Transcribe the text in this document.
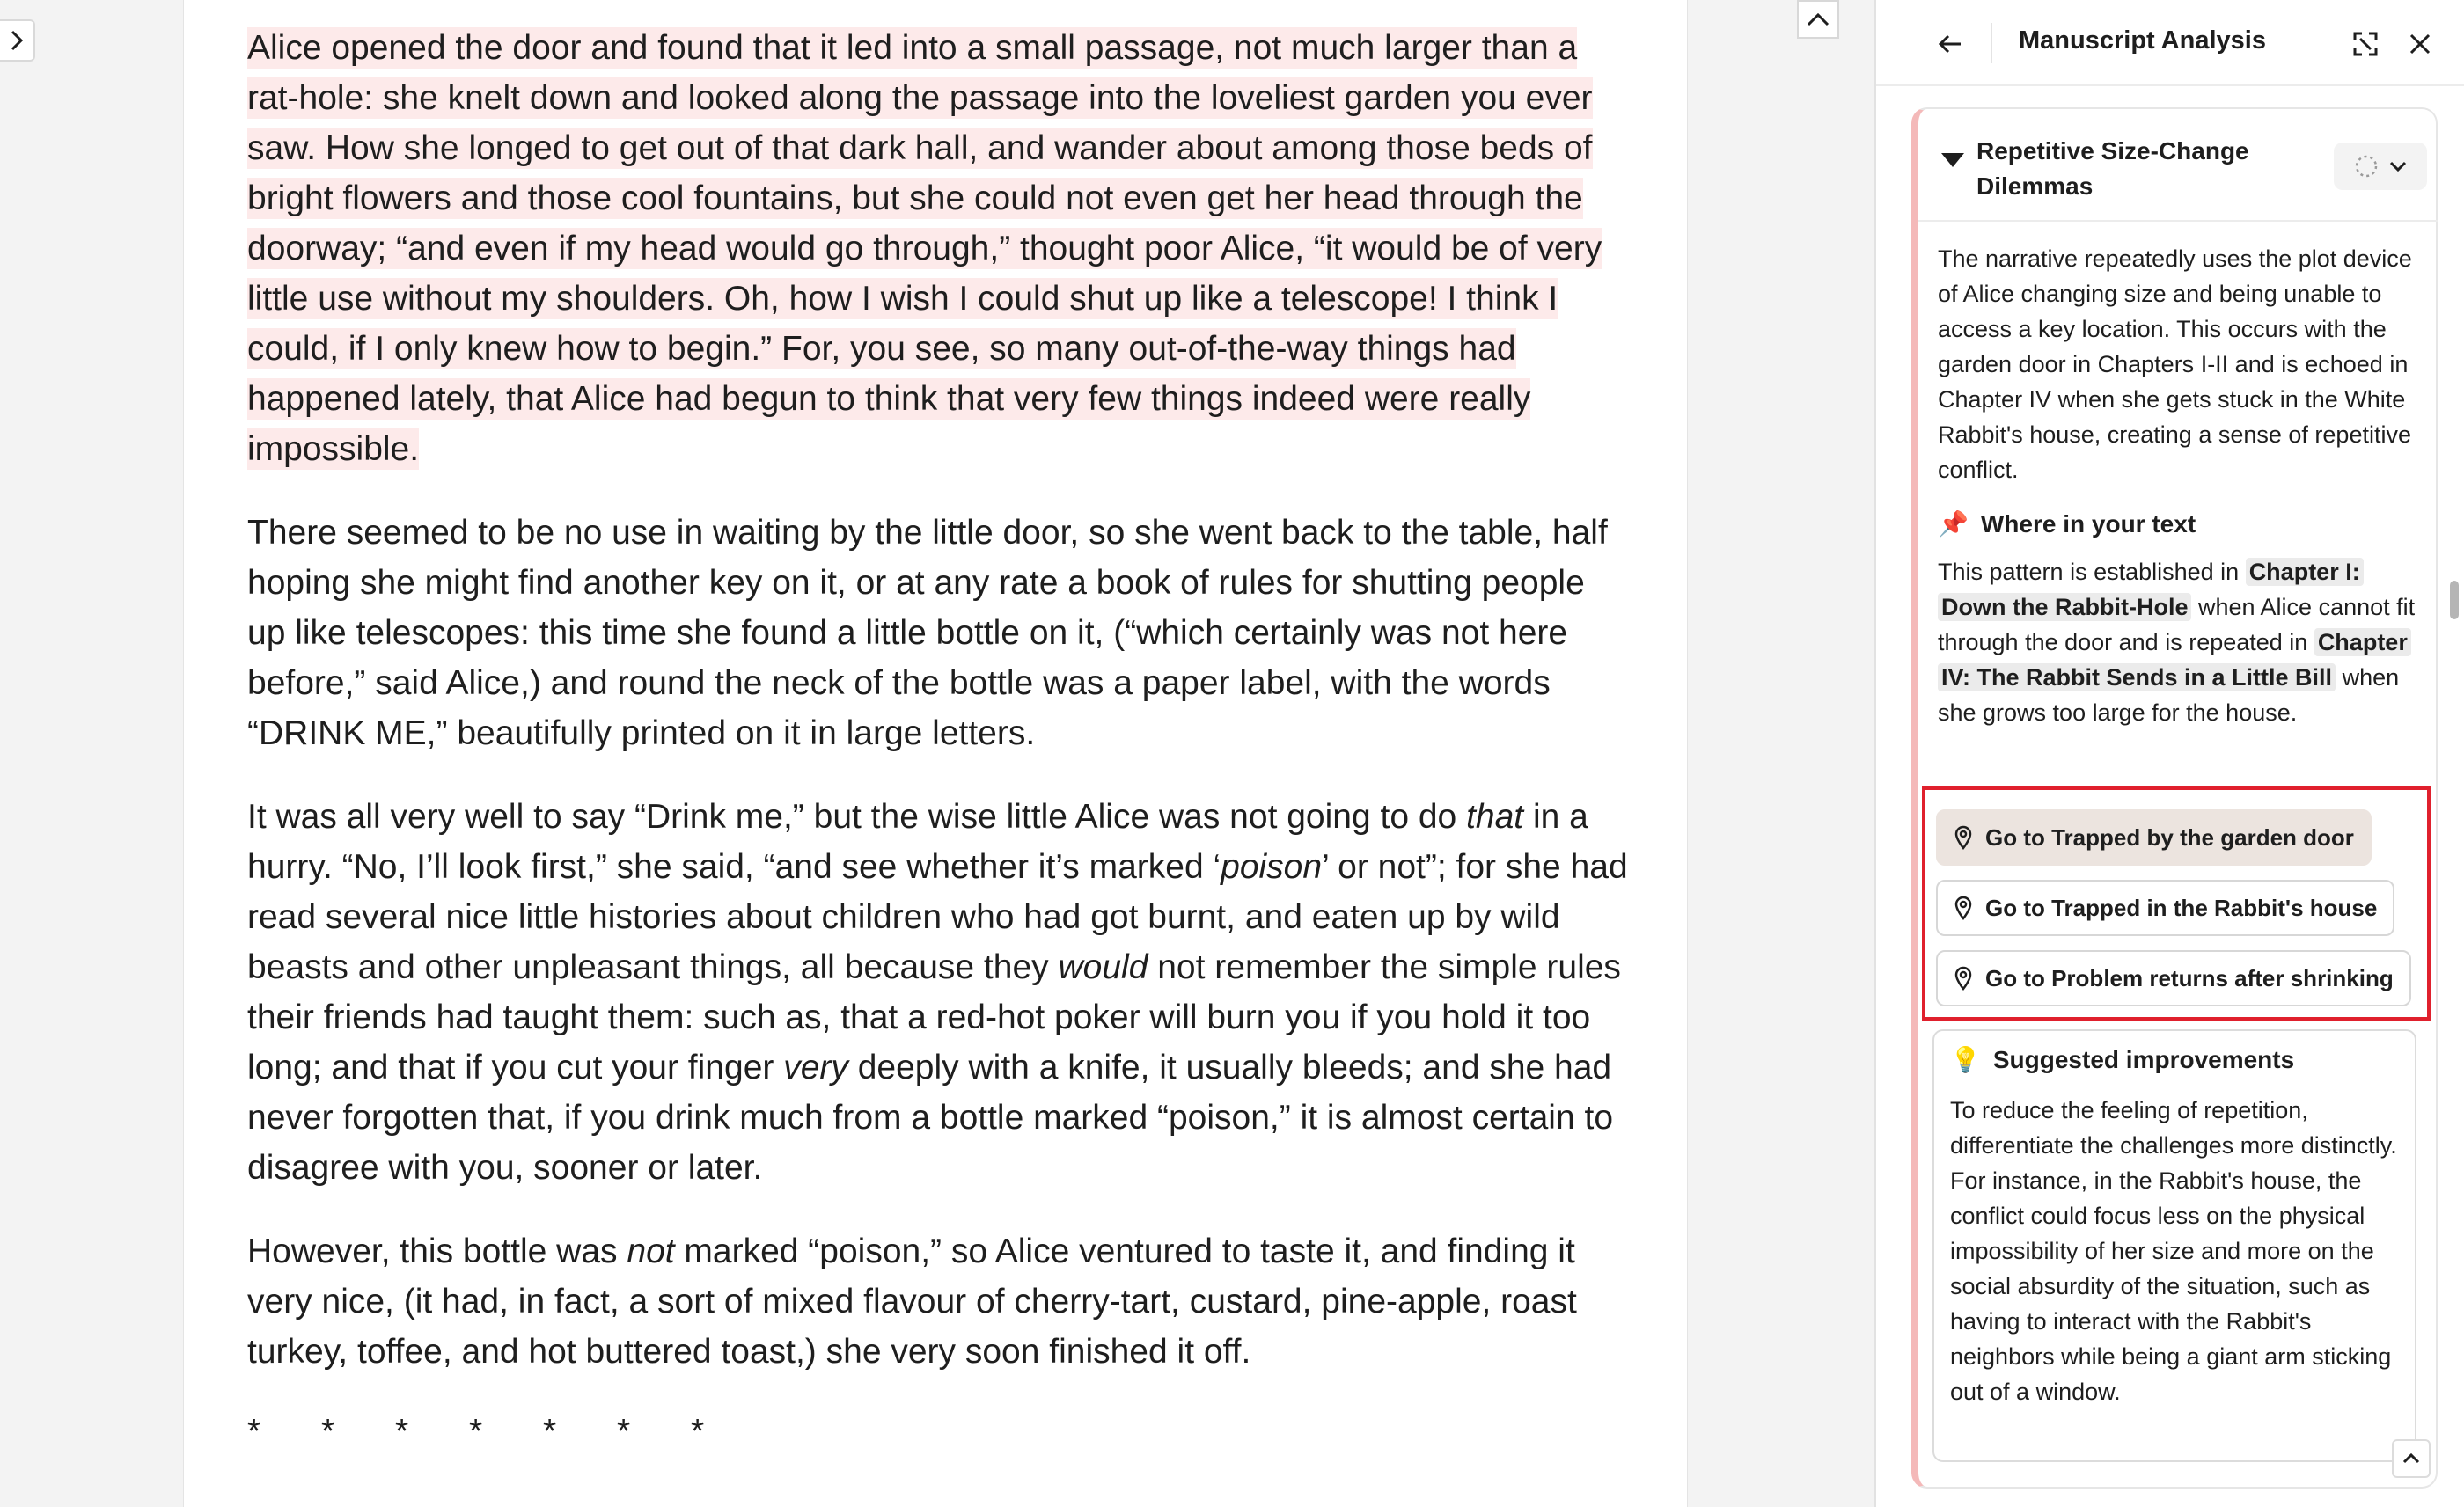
Alice opened the door and found that it led into a small passage, not much larger than a rat-hole: she knelt down and looked along the passage into the loveliest garden you ever saw. How she longed to get out of that dark hall, and wander about among those beds of bright flowers and those cool fountains, but she could not even get her head through the doorway; “and even if my head would go through,” thought poor Alice, “it would be of very little use without my shoulders. Oh, how I wish I could shut up like a telescope! I think I could, if I only knew how to begin.” For, you see, so many out-of-the-way things had happened lately, that Alice had begun to think that very few things indeed were really impossible.

There seemed to be no use in waiting by the little door, so she went back to the table, half hoping she might find another key on it, or at any rate a book of rules for shutting people up like telescopes: this time she found a little bottle on it, (“which certainly was not here before,” said Alice,) and round the neck of the bottle was a paper label, with the words “DRINK ME,” beautifully printed on it in large letters.

It was all very well to say “Drink me,” but the wise little Alice was not going to do that in a hurry. “No, I’ll look first,” she said, “and see whether it’s marked ‘poison’ or not”; for she had read several nice little histories about children who had got burnt, and eaten up by wild beasts and other unpleasant things, all because they would not remember the simple rules their friends had taught them: such as, that a red-hot poker will burn you if you hold it too long; and that if you cut your finger very deeply with a knife, it usually bleeds; and she had never forgotten that, if you drink much from a bottle marked “poison,” it is almost certain to disagree with you, sooner or later.

However, this bottle was not marked “poison,” so Alice ventured to taste it, and finding it very nice, (it had, in fact, a sort of mixed flavour of cherry-tart, custard, pine-apple, roast turkey, toffee, and hot buttered toast,) she very soon finished it off.

*	*	*	*	*	*	*
Manuscript Analysis
Repetitive Size-Change Dilemmas
The narrative repeatedly uses the plot device of Alice changing size and being unable to access a key location. This occurs with the garden door in Chapters I-II and is echoed in Chapter IV when she gets stuck in the White Rabbit's house, creating a sense of repetitive conflict.
📌 Where in your text
This pattern is established in Chapter I: Down the Rabbit-Hole when Alice cannot fit through the door and is repeated in Chapter IV: The Rabbit Sends in a Little Bill when she grows too large for the house.
Go to Trapped by the garden door
Go to Trapped in the Rabbit's house
Go to Problem returns after shrinking
💡 Suggested improvements
To reduce the feeling of repetition, differentiate the challenges more distinctly. For instance, in the Rabbit's house, the conflict could focus less on the physical impossibility of her size and more on the social absurdity of the situation, such as having to interact with the Rabbit's neighbors while being a giant arm sticking out of a window.
